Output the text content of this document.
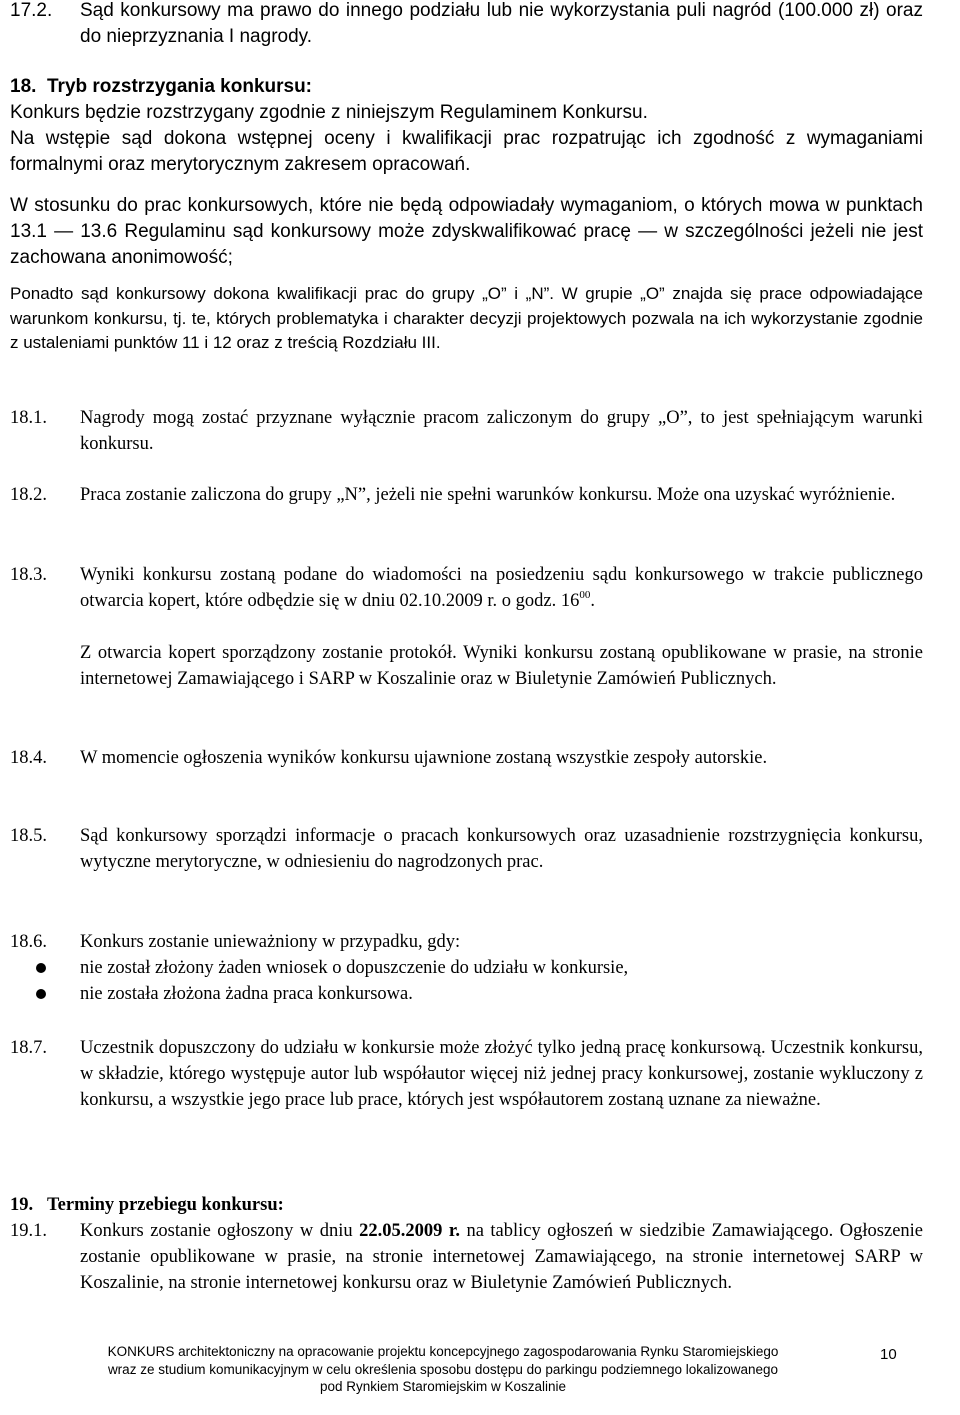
17.2. Sąd konkursowy ma prawo do innego podziału lub nie wykorzystania puli nagród (100.000 zł) oraz do nieprzyznania I nagrody.
18. Tryb rozstrzygania konkursu:
Konkurs będzie rozstrzygany zgodnie z niniejszym Regulaminem Konkursu.
Na wstępie sąd dokona wstępnej oceny i kwalifikacji prac rozpatrując ich zgodność z wymaganiami formalnymi oraz merytorycznym zakresem opracowań.
W stosunku do prac konkursowych, które nie będą odpowiadały wymaganiom, o których mowa w punktach 13.1 — 13.6 Regulaminu sąd konkursowy może zdyskwalifikować pracę — w szczególności jeżeli nie jest zachowana anonimowość;
Ponadto sąd konkursowy dokona kwalifikacji prac do grupy „O” i „N”. W grupie „O” znajda się prace odpowiadające warunkom konkursu, tj. te, których problematyka i charakter decyzji projektowych pozwala na ich wykorzystanie zgodnie z ustaleniami punktów 11 i 12 oraz z treścią Rozdziału III.
18.1. Nagrody mogą zostać przyznane wyłącznie pracom zaliczonym do grupy „O”, to jest spełniającym warunki konkursu.
18.2. Praca zostanie zaliczona do grupy „N”, jeżeli nie spełni warunków konkursu. Może ona uzyskać wyróżnienie.
18.3. Wyniki konkursu zostaną podane do wiadomości na posiedzeniu sądu konkursowego w trakcie publicznego otwarcia kopert, które odbędzie się w dniu 02.10.2009 r. o godz. $16^{00}$.
Z otwarcia kopert sporządzony zostanie protokół. Wyniki konkursu zostaną opublikowane w prasie, na stronie internetowej Zamawiającego i SARP w Koszalinie oraz w Biuletynie Zamówień Publicznych.
18.4. W momencie ogłoszenia wyników konkursu ujawnione zostaną wszystkie zespoły autorskie.
18.5. Sąd konkursowy sporządzi informacje o pracach konkursowych oraz uzasadnienie rozstrzygnięcia konkursu, wytyczne merytoryczne, w odniesieniu do nagrodzonych prac.
18.6. Konkurs zostanie unieważniony w przypadku, gdy:
nie został złożony żaden wniosek o dopuszczenie do udziału w konkursie,
nie została złożona żadna praca konkursowa.
18.7. Uczestnik dopuszczony do udziału w konkursie może złożyć tylko jedną pracę konkursową. Uczestnik konkursu, w składzie, którego występuje autor lub współautor więcej niż jednej pracy konkursowej, zostanie wykluczony z konkursu, a wszystkie jego prace lub prace, których jest współautorem zostaną uznane za nieważne.
19. Terminy przebiegu konkursu:
19.1. Konkurs zostanie ogłoszony w dniu 22.05.2009 r. na tablicy ogłoszeń w siedzibie Zamawiającego. Ogłoszenie zostanie opublikowane w prasie, na stronie internetowej Zamawiającego, na stronie internetowej SARP w Koszalinie, na stronie internetowej konkursu oraz w Biuletynie Zamówień Publicznych.
KONKURS architektoniczny na opracowanie projektu koncepcyjnego zagospodarowania Rynku Staromiejskiego
wraz ze studium komunikacyjnym w celu określenia sposobu dostępu do parkingu podziemnego lokalizowanego
pod Rynkiem Staromiejskim w Koszalinie
10
